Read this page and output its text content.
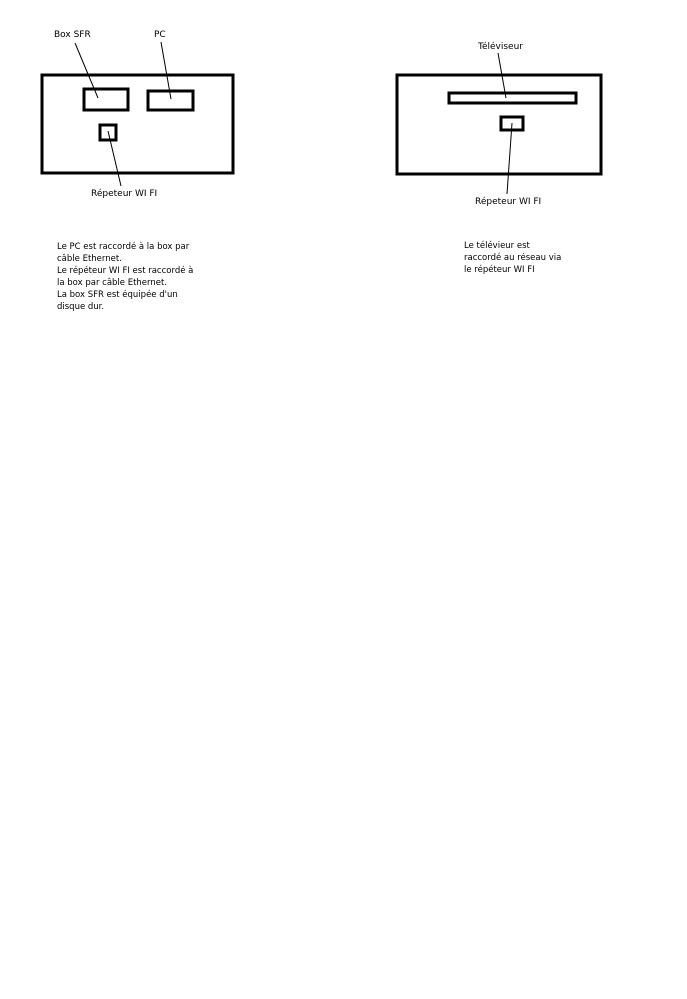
Box SFR	PC
Répeteur WI FI
Le PC est raccordé à la box par
câble Ethernet.
Le répéteur WI FI est raccordé à
la box par câble Ethernet.
La box SFR est équipée d'un
disque dur.
Téléviseur
Répeteur WI FI
Le télévieur est
raccordé au réseau via
le répéteur WI FI
